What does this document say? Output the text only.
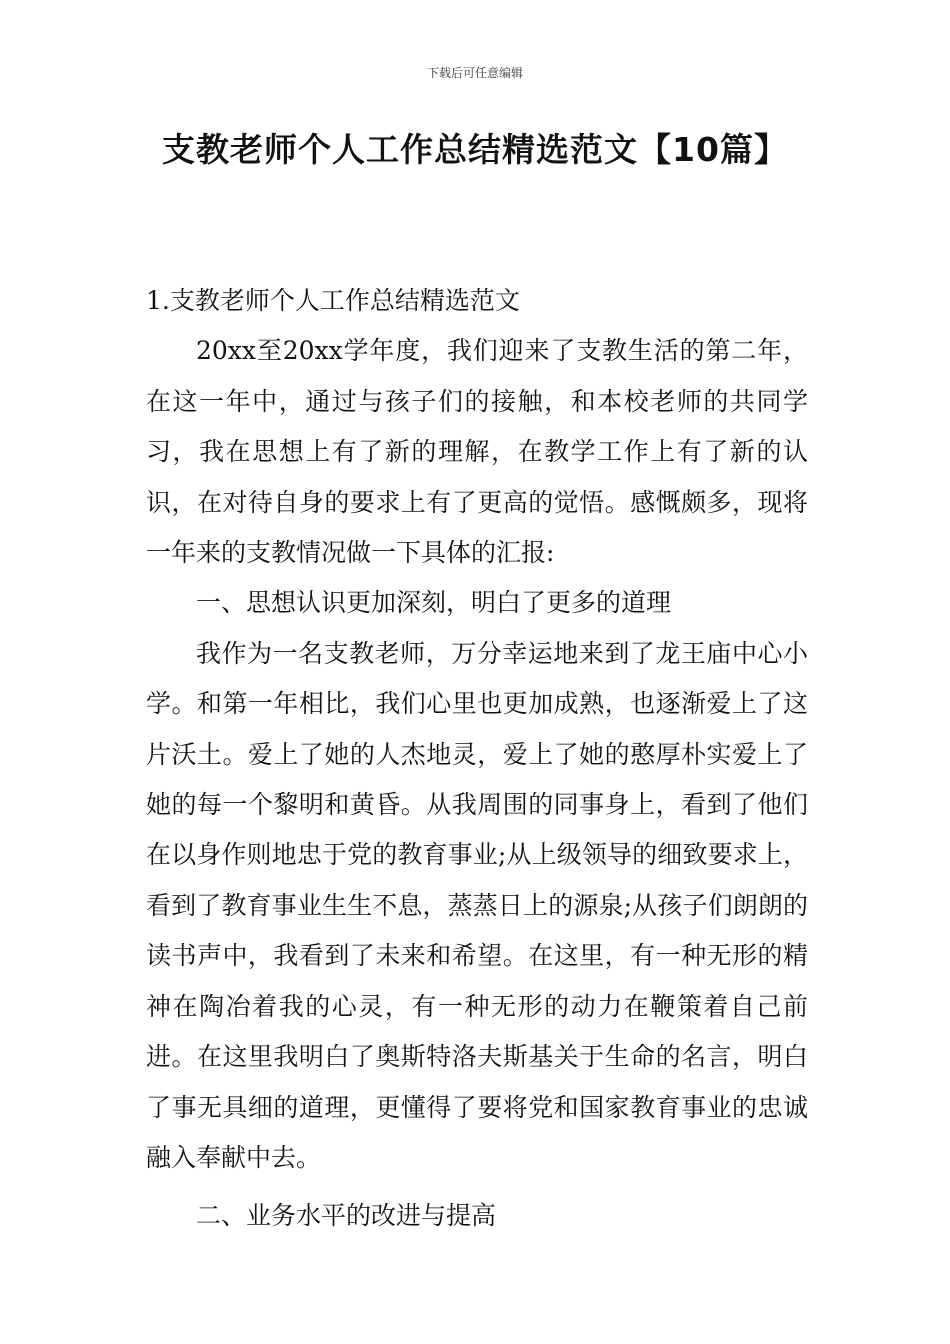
下载后可任意编辑
支教老师个人工作总结精选范文【10篇】

1.支教老师个人工作总结精选范文

20xx至20xx学年度，我们迎来了支教生活的第二年，在这一年中，通过与孩子们的接触，和本校老师的共同学习，我在思想上有了新的理解，在教学工作上有了新的认识，在对待自身的要求上有了更高的觉悟。感慨颇多，现将一年来的支教情况做一下具体的汇报:

一、思想认识更加深刻，明白了更多的道理

我作为一名支教老师，万分幸运地来到了龙王庙中心小学。和第一年相比，我们心里也更加成熟，也逐渐爱上了这片沃土。爱上了她的人杰地灵，爱上了她的憨厚朴实爱上了她的每一个黎明和黄昏。从我周围的同事身上，看到了他们在以身作则地忠于党的教育事业;从上级领导的细致要求上，看到了教育事业生生不息，蒸蒸日上的源泉;从孩子们朗朗的读书声中，我看到了未来和希望。在这里，有一种无形的精神在陶冶着我的心灵，有一种无形的动力在鞭策着自己前进。在这里我明白了奥斯特洛夫斯基关于生命的名言，明白了事无具细的道理，更懂得了要将党和国家教育事业的忠诚融入奉献中去。

二、业务水平的改进与提高
